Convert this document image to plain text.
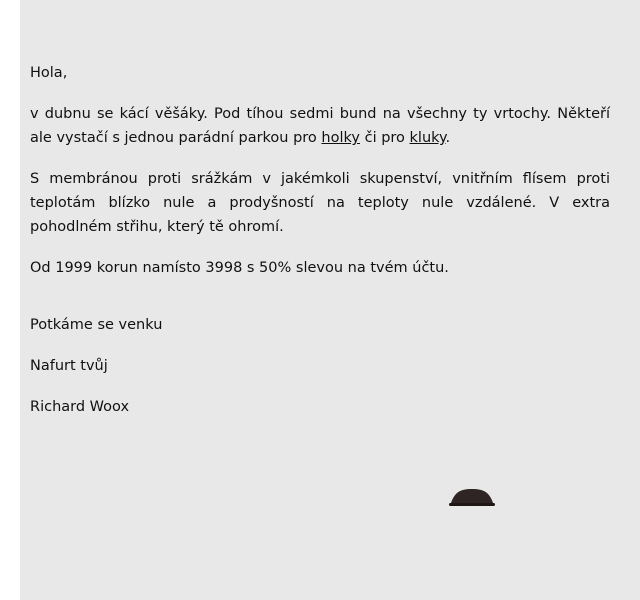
Hola,

v dubnu se kácí věšáky. Pod tíhou sedmi bund na všechny ty vrtochy. Někteří ale vystačí s jednou parádní parkou pro holky či pro kluky.

S membránou proti srážkám v jakémkoli skupenství, vnitřním flísem proti teplotám blízko nule a prodyšností na teploty nule vzdálené. V extra pohodlném střihu, který tě ohromí.

Od 1999 korun namísto 3998 s 50% slevou na tvém účtu.

Potkáme se venku

Nafurt tvůj

Richard Woox
